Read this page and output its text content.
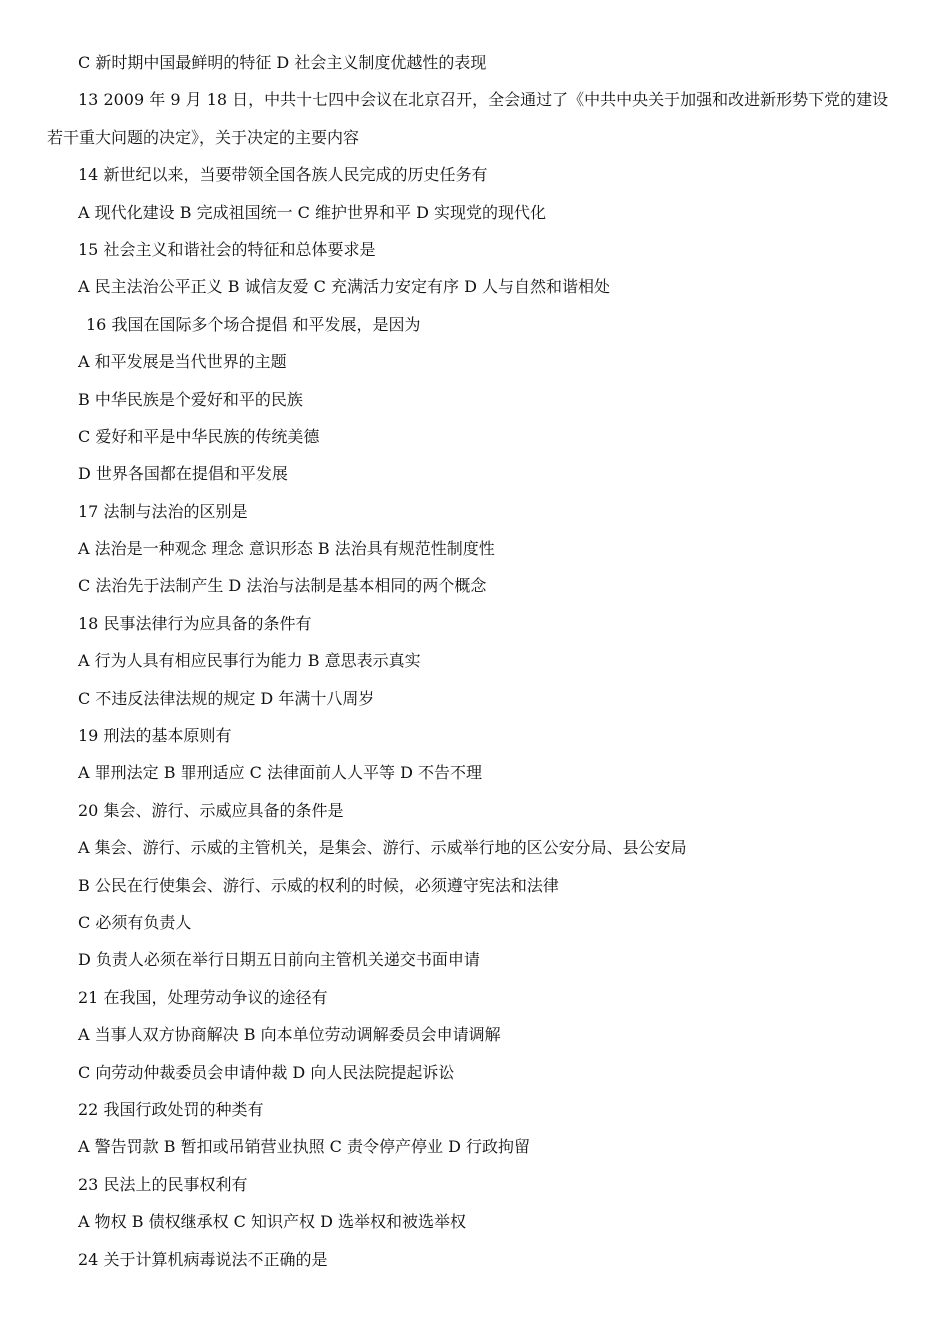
C 新时期中国最鲜明的特征 D 社会主义制度优越性的表现
13 2009 年 9 月 18 日，中共十七四中会议在北京召开，全会通过了《中共中央关于加强和改进新形势下党的建设
若干重大问题的决定》，关于决定的主要内容
14 新世纪以来，当要带领全国各族人民完成的历史任务有
A 现代化建设 B 完成祖国统一 C 维护世界和平 D 实现党的现代化
15 社会主义和谐社会的特征和总体要求是
A 民主法治公平正义 B 诚信友爱 C 充满活力安定有序 D 人与自然和谐相处
16 我国在国际多个场合提倡 和平发展，是因为
A 和平发展是当代世界的主题
B 中华民族是个爱好和平的民族
C 爱好和平是中华民族的传统美德
D 世界各国都在提倡和平发展
17 法制与法治的区别是
A 法治是一种观念 理念 意识形态 B 法治具有规范性制度性
C 法治先于法制产生 D 法治与法制是基本相同的两个概念
18 民事法律行为应具备的条件有
A 行为人具有相应民事行为能力 B 意思表示真实
C 不违反法律法规的规定 D 年满十八周岁
19 刑法的基本原则有
A 罪刑法定 B 罪刑适应 C 法律面前人人平等 D 不告不理
20 集会、游行、示威应具备的条件是
A 集会、游行、示威的主管机关，是集会、游行、示威举行地的区公安分局、县公安局
B 公民在行使集会、游行、示威的权利的时候，必须遵守宪法和法律
C 必须有负责人
D 负责人必须在举行日期五日前向主管机关递交书面申请
21 在我国，处理劳动争议的途径有
A 当事人双方协商解决 B 向本单位劳动调解委员会申请调解
C 向劳动仲裁委员会申请仲裁 D 向人民法院提起诉讼
22 我国行政处罚的种类有
A 警告罚款 B 暂扣或吊销营业执照 C 责令停产停业 D 行政拘留
23 民法上的民事权利有
A 物权 B 债权继承权 C 知识产权 D 选举权和被选举权
24 关于计算机病毒说法不正确的是
